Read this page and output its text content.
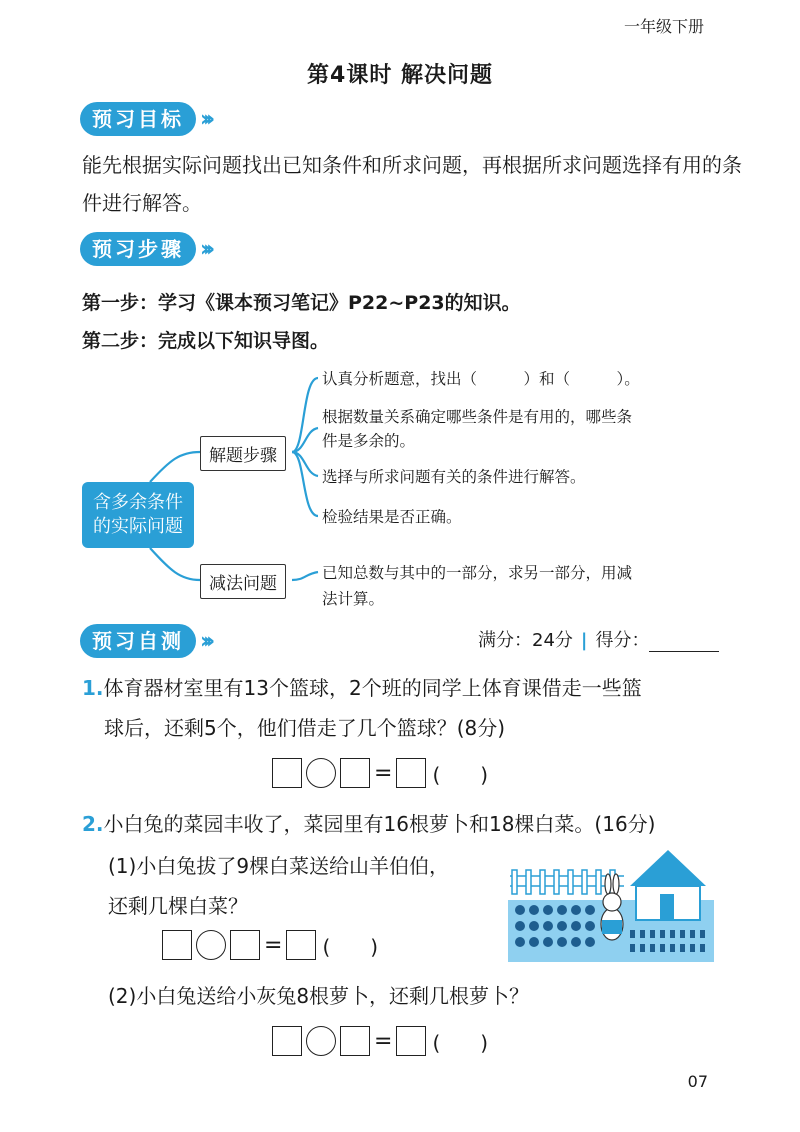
一年级下册
第4课时 解决问题
预习目标 ›››
能先根据实际问题找出已知条件和所求问题，再根据所求问题选择有用的条件进行解答。
预习步骤 ›››
第一步：学习《课本预习笔记》P22~P23的知识。
第二步：完成以下知识导图。
含多余条件
的实际问题
解题步骤
减法问题
认真分析题意，找出（　　　）和（　　　）。
根据数量关系确定哪些条件是有用的，哪些条
件是多余的。
选择与所求问题有关的条件进行解答。
检验结果是否正确。
已知总数与其中的一部分，求另一部分，用减
法计算。
预习自测 ›››	满分：24分 | 得分：
1.体育器材室里有13个篮球，2个班的同学上体育课借走一些篮
球后，还剩5个，他们借走了几个篮球？(8分)
= (　　)
2.小白兔的菜园丰收了，菜园里有16根萝卜和18棵白菜。(16分)
(1)小白兔拔了9棵白菜送给山羊伯伯，
还剩几棵白菜？
= (　　)
(2)小白兔送给小灰兔8根萝卜，还剩几根萝卜？
= (　　)
07
